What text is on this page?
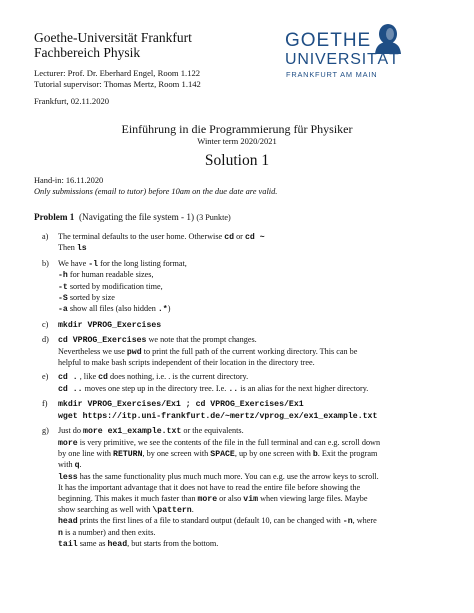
Goethe-Universität Frankfurt
Fachbereich Physik
Lecturer: Prof. Dr. Eberhard Engel, Room 1.122
Tutorial supervisor: Thomas Mertz, Room 1.142
Frankfurt, 02.11.2020
GOETHE
UNIVERSITÄT
FRANKFURT AM MAIN
Einführung in die Programmierung für Physiker
Winter term 2020/2021
Solution 1
Hand-in: 16.11.2020
Only submissions (email to tutor) before 10am on the due date are valid.
Problem 1 (Navigating the file system - 1) (3 Punkte)
a) The terminal defaults to the user home. Otherwise cd or cd ~
Then ls
b) We have -l for the long listing format,
-h for human readable sizes,
-t sorted by modification time,
-S sorted by size
-a show all files (also hidden .*)
c) mkdir VPROG_Exercises
d) cd VPROG_Exercises we note that the prompt changes.
Nevertheless we use pwd to print the full path of the current working directory. This can be
helpful to make bash scripts independent of their location in the directory tree.
e) cd . , like cd does nothing, i.e. . is the current directory.
cd .. moves one step up in the directory tree. I.e. .. is an alias for the next higher directory.
f) mkdir VPROG_Exercises/Ex1 ; cd VPROG_Exercises/Ex1
wget https://itp.uni-frankfurt.de/~mertz/vprog_ex/ex1_example.txt
g) Just do more ex1_example.txt or the equivalents.
more is very primitive, we see the contents of the file in the full terminal and can e.g. scroll down
by one line with RETURN, by one screen with SPACE, up by one screen with b. Exit the program
with q.
less has the same functionality plus much much more. You can e.g. use the arrow keys to scroll.
It has the important advantage that it does not have to read the entire file before showing the
beginning. This makes it much faster than more or also vim when viewing large files. Maybe
show searching as well with \pattern.
head prints the first lines of a file to standard output (default 10, can be changed with -n, where
n is a number) and then exits.
tail same as head, but starts from the bottom.
